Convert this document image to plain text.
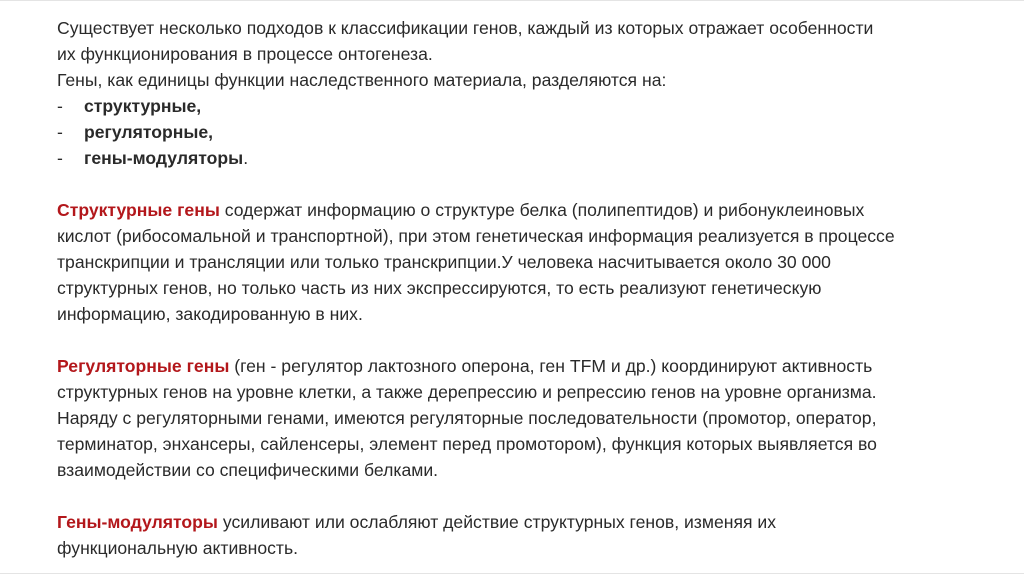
Существует несколько подходов к классификации генов, каждый из которых отражает особенности
их функционирования в процессе онтогенеза.
Гены, как единицы функции наследственного материала, разделяются на:
- структурные,
- регуляторные,
- гены-модуляторы.
Структурные гены содержат информацию о структуре белка (полипептидов) и рибонуклеиновых
кислот (рибосомальной и транспортной), при этом генетическая информация реализуется в процессе
транскрипции и трансляции или только транскрипции.У человека насчитывается около 30 000
структурных генов, но только часть из них экспрессируются, то есть реализуют генетическую
информацию, закодированную в них.
Регуляторные гены (ген - регулятор лактозного оперона, ген TFM и др.) координируют активность
структурных генов на уровне клетки, а также дерепрессию и репрессию генов на уровне организма.
Наряду с регуляторными генами, имеются регуляторные последовательности (промотор, оператор,
терминатор, энхансеры, сайленсеры, элемент перед промотором), функция которых выявляется во
взаимодействии со специфическими белками.
Гены-модуляторы усиливают или ослабляют действие структурных генов, изменяя их
функциональную активность.
